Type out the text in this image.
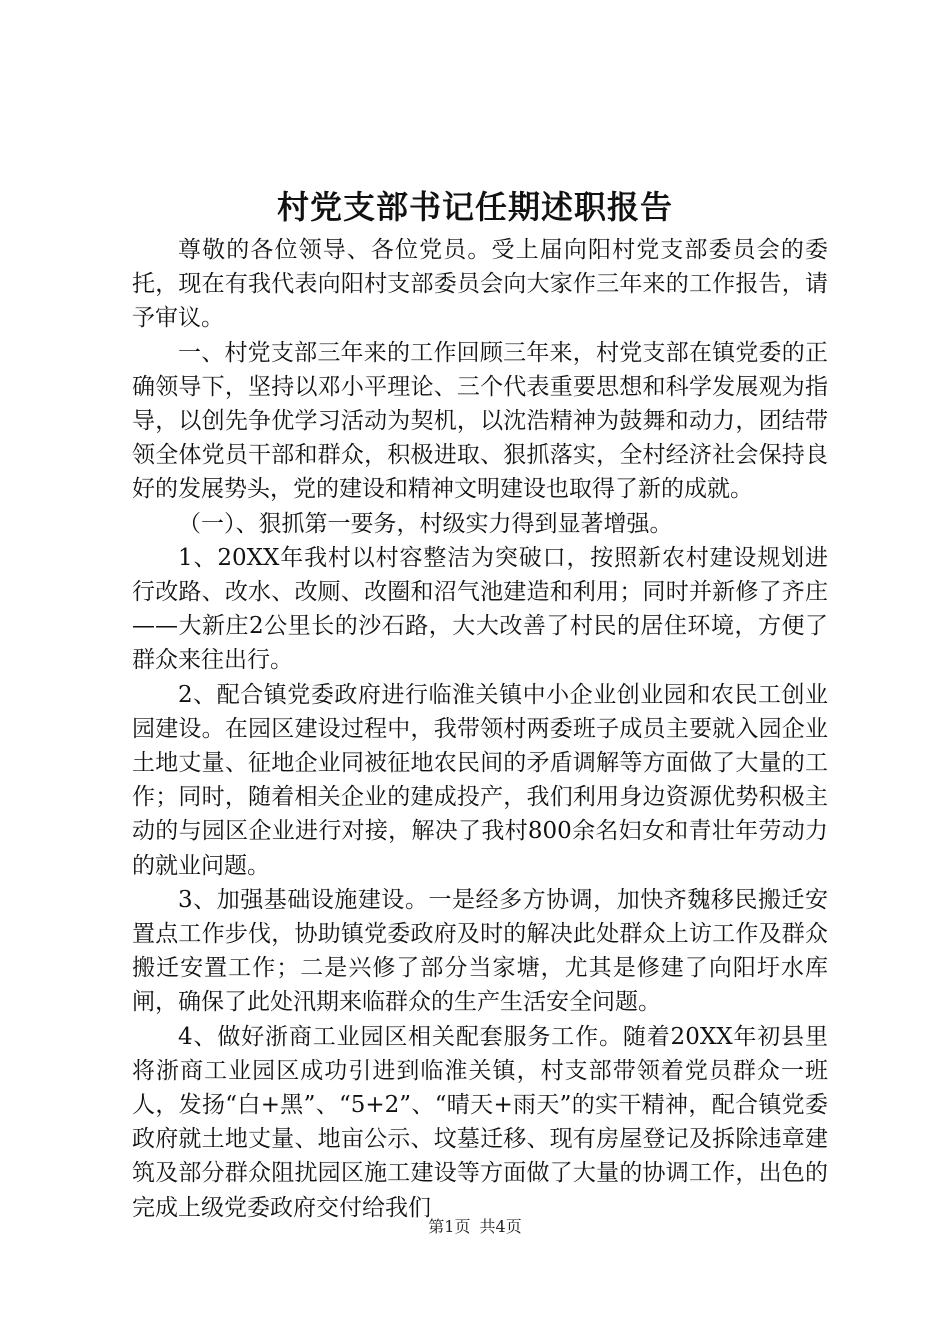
村党支部书记任期述职报告

尊敬的各位领导、各位党员。受上届向阳村党支部委员会的委托，现在有我代表向阳村支部委员会向大家作三年来的工作报告，请予审议。

一、村党支部三年来的工作回顾三年来，村党支部在镇党委的正确领导下，坚持以邓小平理论、三个代表重要思想和科学发展观为指导，以创先争优学习活动为契机，以沈浩精神为鼓舞和动力，团结带领全体党员干部和群众，积极进取、狠抓落实，全村经济社会保持良好的发展势头，党的建设和精神文明建设也取得了新的成就。

（一）、狠抓第一要务，村级实力得到显著增强。

1、20XX年我村以村容整洁为突破口，按照新农村建设规划进行改路、改水、改厕、改圈和沼气池建造和利用；同时并新修了齐庄——大新庄2公里长的沙石路，大大改善了村民的居住环境，方便了群众来往出行。

2、配合镇党委政府进行临淮关镇中小企业创业园和农民工创业园建设。在园区建设过程中，我带领村两委班子成员主要就入园企业土地丈量、征地企业同被征地农民间的矛盾调解等方面做了大量的工作；同时，随着相关企业的建成投产，我们利用身边资源优势积极主动的与园区企业进行对接，解决了我村800余名妇女和青壮年劳动力的就业问题。

3、加强基础设施建设。一是经多方协调，加快齐魏移民搬迁安置点工作步伐，协助镇党委政府及时的解决此处群众上访工作及群众搬迁安置工作；二是兴修了部分当家塘，尤其是修建了向阳圩水库闸，确保了此处汛期来临群众的生产生活安全问题。

4、做好浙商工业园区相关配套服务工作。随着20XX年初县里将浙商工业园区成功引进到临淮关镇，村支部带领着党员群众一班人，发扬“白+黑”、“5+2”、“晴天+雨天”的实干精神，配合镇党委政府就土地丈量、地亩公示、坟墓迁移、现有房屋登记及拆除违章建筑及部分群众阻扰园区施工建设等方面做了大量的协调工作，出色的完成上级党委政府交付给我们

第1页 共4页
